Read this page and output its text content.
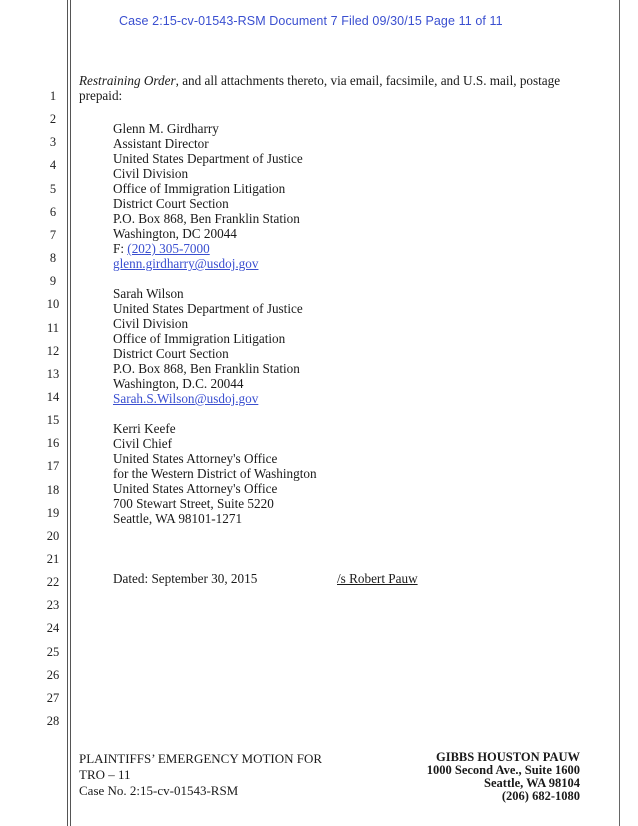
Case 2:15-cv-01543-RSM Document 7 Filed 09/30/15 Page 11 of 11
1
2
3
4
5
6
7
8
9
10
11
12
13
14
15
16
17
18
19
20
21
22
23
24
25
26
27
28
Restraining Order, and all attachments thereto, via email, facsimile, and U.S. mail, postage prepaid:
Glenn M. Girdharry
Assistant Director
United States Department of Justice
Civil Division
Office of Immigration Litigation
District Court Section
P.O. Box 868, Ben Franklin Station
Washington, DC 20044
F: (202) 305-7000
glenn.girdharry@usdoj.gov
Sarah Wilson
United States Department of Justice
Civil Division
Office of Immigration Litigation
District Court Section
P.O. Box 868, Ben Franklin Station
Washington, D.C. 20044
Sarah.S.Wilson@usdoj.gov
Kerri Keefe
Civil Chief
United States Attorney's Office
for the Western District of Washington
United States Attorney's Office
700 Stewart Street, Suite 5220
Seattle, WA 98101-1271
Dated: September 30, 2015	/s Robert Pauw
PLAINTIFFS’ EMERGENCY MOTION FOR
TRO – 11
Case No. 2:15-cv-01543-RSM
GIBBS HOUSTON PAUW
1000 Second Ave., Suite 1600
Seattle, WA 98104
(206) 682-1080
